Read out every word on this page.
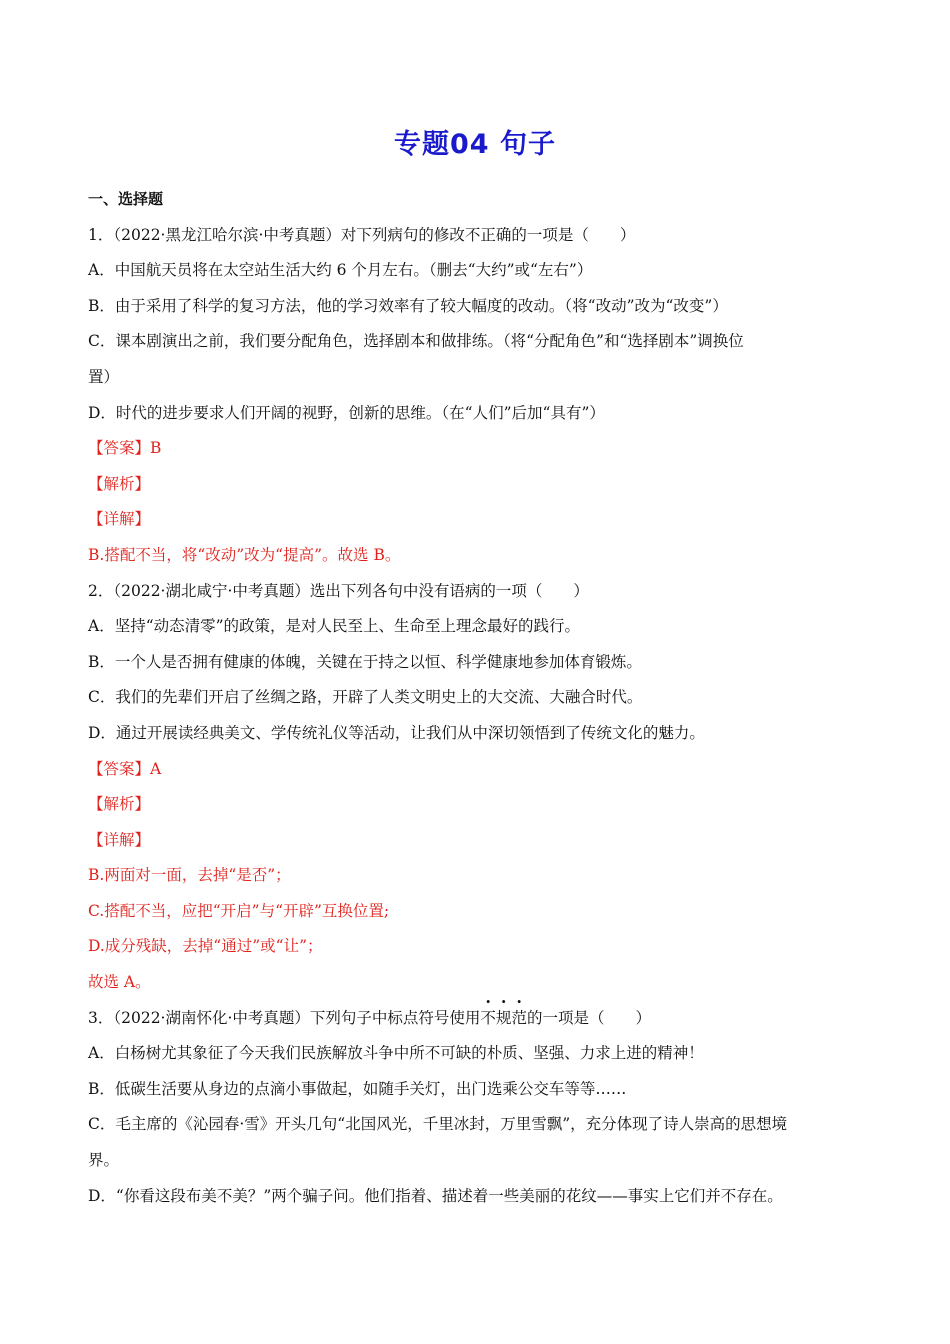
专题04 句子
一、选择题
1．（2022·黑龙江哈尔滨·中考真题）对下列病句的修改不正确的一项是（　　）
A．中国航天员将在太空站生活大约 6 个月左右。（删去“大约”或“左右”）
B．由于采用了科学的复习方法，他的学习效率有了较大幅度的改动。（将“改动”改为“改变”）
C．课本剧演出之前，我们要分配角色，选择剧本和做排练。（将“分配角色”和“选择剧本”调换位
置）
D．时代的进步要求人们开阔的视野，创新的思维。（在“人们”后加“具有”）
【答案】B
【解析】
【详解】
B.搭配不当，将“改动”改为“提高”。故选 B。
2．（2022·湖北咸宁·中考真题）选出下列各句中没有语病的一项（　　）
A．坚持“动态清零”的政策，是对人民至上、生命至上理念最好的践行。
B．一个人是否拥有健康的体魄，关键在于持之以恒、科学健康地参加体育锻炼。
C．我们的先辈们开启了丝绸之路，开辟了人类文明史上的大交流、大融合时代。
D．通过开展读经典美文、学传统礼仪等活动，让我们从中深切领悟到了传统文化的魅力。
【答案】A
【解析】
【详解】
B.两面对一面，去掉“是否”；
C.搭配不当，应把“开启”与“开辟”互换位置;
D.成分残缺，去掉“通过”或“让”；
故选 A。
3．（2022·湖南怀化·中考真题）下列句子中标点符号使用不规范的一项是（　　）
A．白杨树尤其象征了今天我们民族解放斗争中所不可缺的朴质、坚强、力求上进的精神！
B．低碳生活要从身边的点滴小事做起，如随手关灯，出门选乘公交车等等……
C．毛主席的《沁园春·雪》开头几句“北国风光，千里冰封，万里雪飘”，充分体现了诗人崇高的思想境
界。
D．“你看这段布美不美？”两个骗子问。他们指着、描述着一些美丽的花纹——事实上它们并不存在。
